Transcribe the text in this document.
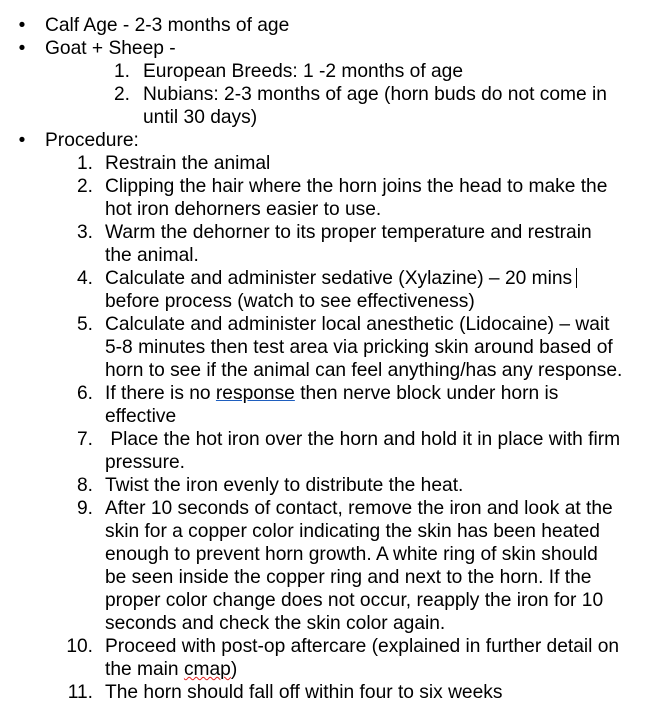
• Calf Age - 2-3 months of age
• Goat + Sheep -
1. European Breeds: 1 -2 months of age
2. Nubians: 2-3 months of age (horn buds do not come in
until 30 days)
• Procedure:
1. Restrain the animal
2. Clipping the hair where the horn joins the head to make the
hot iron dehorners easier to use.
3. Warm the dehorner to its proper temperature and restrain
the animal.
4. Calculate and administer sedative (Xylazine) – 20 mins
before process (watch to see effectiveness)
5. Calculate and administer local anesthetic (Lidocaine) – wait
5-8 minutes then test area via pricking skin around based of
horn to see if the animal can feel anything/has any response.
6. If there is no response then nerve block under horn is
effective
7. Place the hot iron over the horn and hold it in place with firm
pressure.
8. Twist the iron evenly to distribute the heat.
9. After 10 seconds of contact, remove the iron and look at the
skin for a copper color indicating the skin has been heated
enough to prevent horn growth. A white ring of skin should
be seen inside the copper ring and next to the horn. If the
proper color change does not occur, reapply the iron for 10
seconds and check the skin color again.
10. Proceed with post-op aftercare (explained in further detail on
the main cmap)
11. The horn should fall off within four to six weeks
